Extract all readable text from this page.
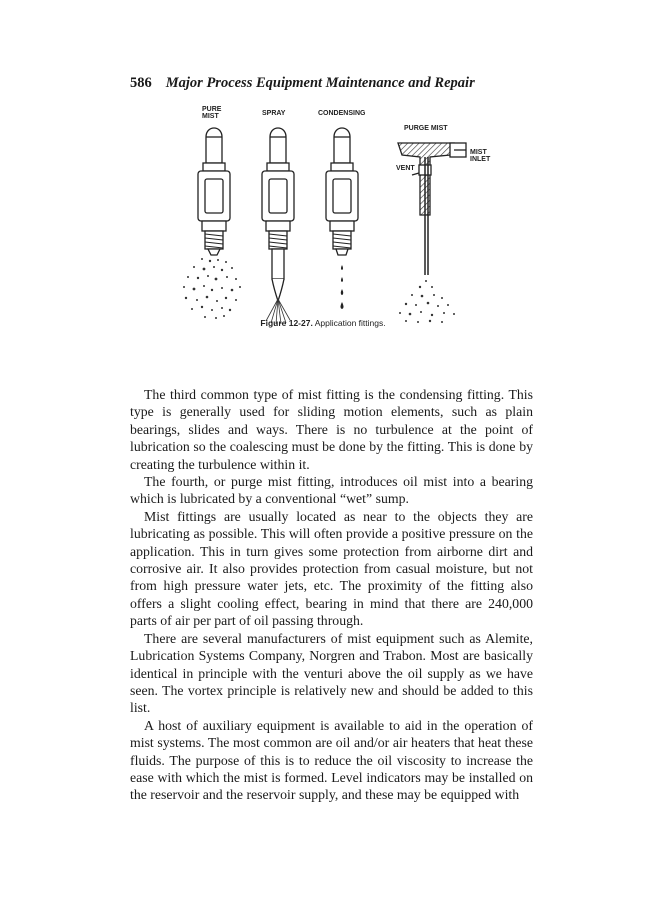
586 Major Process Equipment Maintenance and Repair
PURE
MIST	SPRAY	CONDENSING
PURGE MIST
VENT
MIST
INLET
Figure 12-27. Application fittings.

The third common type of mist fitting is the condensing fitting. This type is generally used for sliding motion elements, such as plain bearings, slides and ways. There is no turbulence at the point of lubrication so the coalescing must be done by the fitting. This is done by creating the turbulence within it.

The fourth, or purge mist fitting, introduces oil mist into a bearing which is lubricated by a conventional “wet” sump.

Mist fittings are usually located as near to the objects they are lubricating as possible. This will often provide a positive pressure on the application. This in turn gives some protection from airborne dirt and corrosive air. It also provides protection from casual moisture, but not from high pressure water jets, etc. The proximity of the fitting also offers a slight cooling effect, bearing in mind that there are 240,000 parts of air per part of oil passing through.

There are several manufacturers of mist equipment such as Alemite, Lubrication Systems Company, Norgren and Trabon. Most are basically identical in principle with the venturi above the oil supply as we have seen. The vortex principle is relatively new and should be added to this list.

A host of auxiliary equipment is available to aid in the operation of mist systems. The most common are oil and/or air heaters that heat these fluids. The purpose of this is to reduce the oil viscosity to increase the ease with which the mist is formed. Level indicators may be installed on the reservoir and the reservoir supply, and these may be equipped with
